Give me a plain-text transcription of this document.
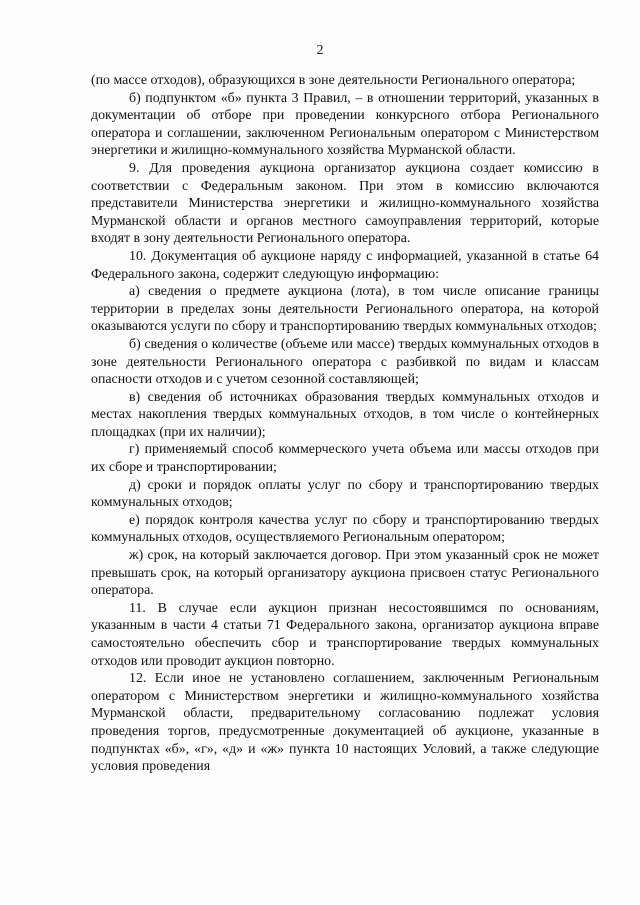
2

(по массе отходов), образующихся в зоне деятельности Регионального оператора;

б) подпунктом «б» пункта 3 Правил, – в отношении территорий, указанных в документации об отборе при проведении конкурсного отбора Регионального оператора и соглашении, заключенном Региональным оператором с Министерством энергетики и жилищно-коммунального хозяйства Мурманской области.

9. Для проведения аукциона организатор аукциона создает комиссию в соответствии с Федеральным законом. При этом в комиссию включаются представители Министерства энергетики и жилищно-коммунального хозяйства Мурманской области и органов местного самоуправления территорий, которые входят в зону деятельности Регионального оператора.

10. Документация об аукционе наряду с информацией, указанной в статье 64 Федерального закона, содержит следующую информацию:

а) сведения о предмете аукциона (лота), в том числе описание границы территории в пределах зоны деятельности Регионального оператора, на которой оказываются услуги по сбору и транспортированию твердых коммунальных отходов;

б) сведения о количестве (объеме или массе) твердых коммунальных отходов в зоне деятельности Регионального оператора с разбивкой по видам и классам опасности отходов и с учетом сезонной составляющей;

в) сведения об источниках образования твердых коммунальных отходов и местах накопления твердых коммунальных отходов, в том числе о контейнерных площадках (при их наличии);

г) применяемый способ коммерческого учета объема или массы отходов при их сборе и транспортировании;

д) сроки и порядок оплаты услуг по сбору и транспортированию твердых коммунальных отходов;

е) порядок контроля качества услуг по сбору и транспортированию твердых коммунальных отходов, осуществляемого Региональным оператором;

ж) срок, на который заключается договор. При этом указанный срок не может превышать срок, на который организатору аукциона присвоен статус Регионального оператора.

11. В случае если аукцион признан несостоявшимся по основаниям, указанным в части 4 статьи 71 Федерального закона, организатор аукциона вправе самостоятельно обеспечить сбор и транспортирование твердых коммунальных отходов или проводит аукцион повторно.

12. Если иное не установлено соглашением, заключенным Региональным оператором с Министерством энергетики и жилищно-коммунального хозяйства Мурманской области, предварительному согласованию подлежат условия проведения торгов, предусмотренные документацией об аукционе, указанные в подпунктах «б», «г», «д» и «ж» пункта 10 настоящих Условий, а также следующие условия проведения
